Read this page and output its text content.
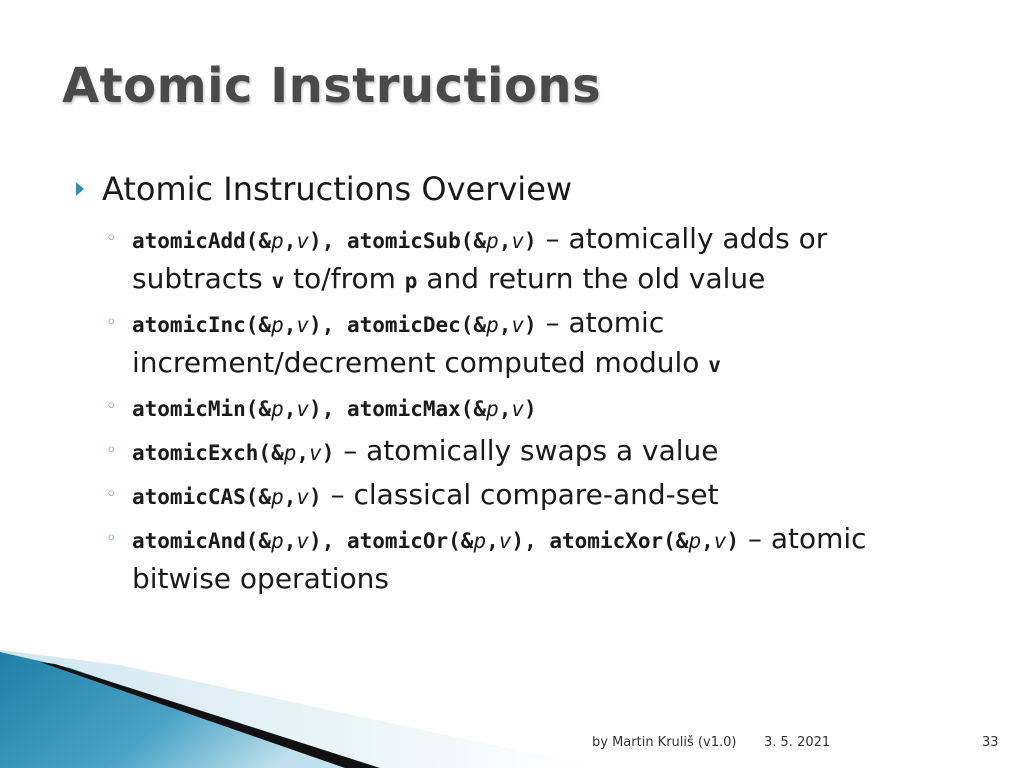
Atomic Instructions
Atomic Instructions Overview
◦ atomicAdd(&p,v), atomicSub(&p,v) – atomically adds or subtracts v to/from p and return the old value
◦ atomicInc(&p,v), atomicDec(&p,v) – atomic increment/decrement computed modulo v
◦ atomicMin(&p,v), atomicMax(&p,v)
◦ atomicExch(&p,v) – atomically swaps a value
◦ atomicCAS(&p,v) – classical compare-and-set
◦ atomicAnd(&p,v), atomicOr(&p,v), atomicXor(&p,v) – atomic bitwise operations
by Martin Kruliš (v1.0) 3. 5. 2021	33
